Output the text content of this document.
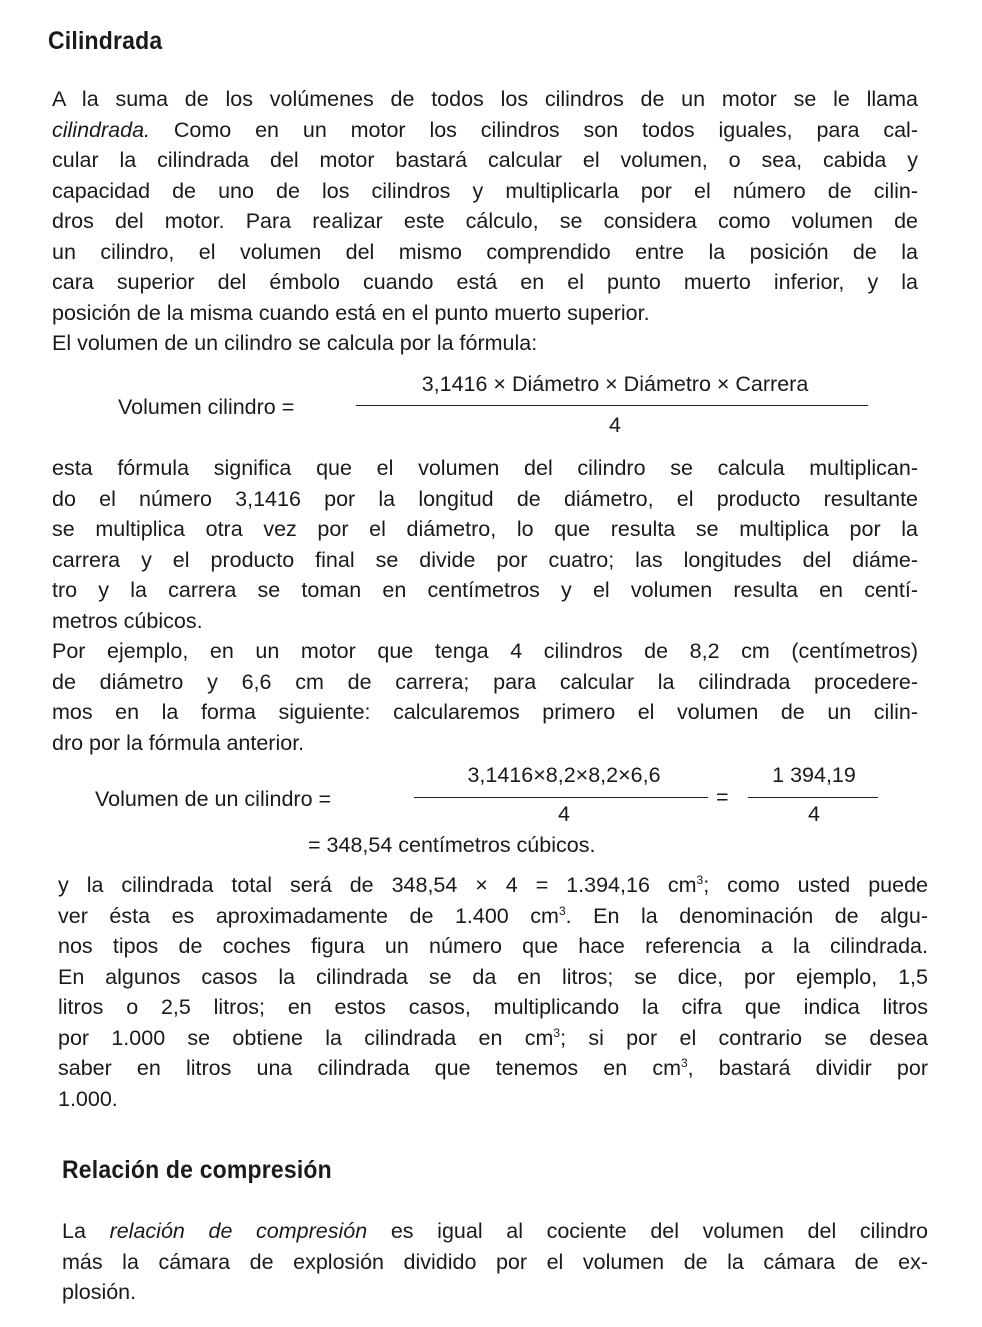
Cilindrada
A la suma de los volúmenes de todos los cilindros de un motor se le llama
cilindrada. Como en un motor los cilindros son todos iguales, para cal-
cular la cilindrada del motor bastará calcular el volumen, o sea, cabida y
capacidad de uno de los cilindros y multiplicarla por el número de cilin-
dros del motor. Para realizar este cálculo, se considera como volumen de
un cilindro, el volumen del mismo comprendido entre la posición de la
cara superior del émbolo cuando está en el punto muerto inferior, y la
posición de la misma cuando está en el punto muerto superior.
El volumen de un cilindro se calcula por la fórmula:
Volumen cilindro =
3,1416 × Diámetro × Diámetro × Carrera
4
esta fórmula significa que el volumen del cilindro se calcula multiplican-
do el número 3,1416 por la longitud de diámetro, el producto resultante
se multiplica otra vez por el diámetro, lo que resulta se multiplica por la
carrera y el producto final se divide por cuatro; las longitudes del diáme-
tro y la carrera se toman en centímetros y el volumen resulta en centí-
metros cúbicos.
Por ejemplo, en un motor que tenga 4 cilindros de 8,2 cm (centímetros)
de diámetro y 6,6 cm de carrera; para calcular la cilindrada procedere-
mos en la forma siguiente: calcularemos primero el volumen de un cilin-
dro por la fórmula anterior.
Volumen de un cilindro =
3,1416×8,2×8,2×6,6
4
=
1 394,19
4
= 348,54 centímetros cúbicos.
y la cilindrada total será de 348,54 × 4 = 1.394,16 $cm^3$; como usted puede
ver ésta es aproximadamente de 1.400 $cm^3$. En la denominación de algu-
nos tipos de coches figura un número que hace referencia a la cilindrada.
En algunos casos la cilindrada se da en litros; se dice, por ejemplo, 1,5
litros o 2,5 litros; en estos casos, multiplicando la cifra que indica litros
por 1.000 se obtiene la cilindrada en $cm^3$; si por el contrario se desea
saber en litros una cilindrada que tenemos en $cm^3$, bastará dividir por
1.000.
Relación de compresión
La relación de compresión es igual al cociente del volumen del cilindro
más la cámara de explosión dividido por el volumen de la cámara de ex-
plosión.
